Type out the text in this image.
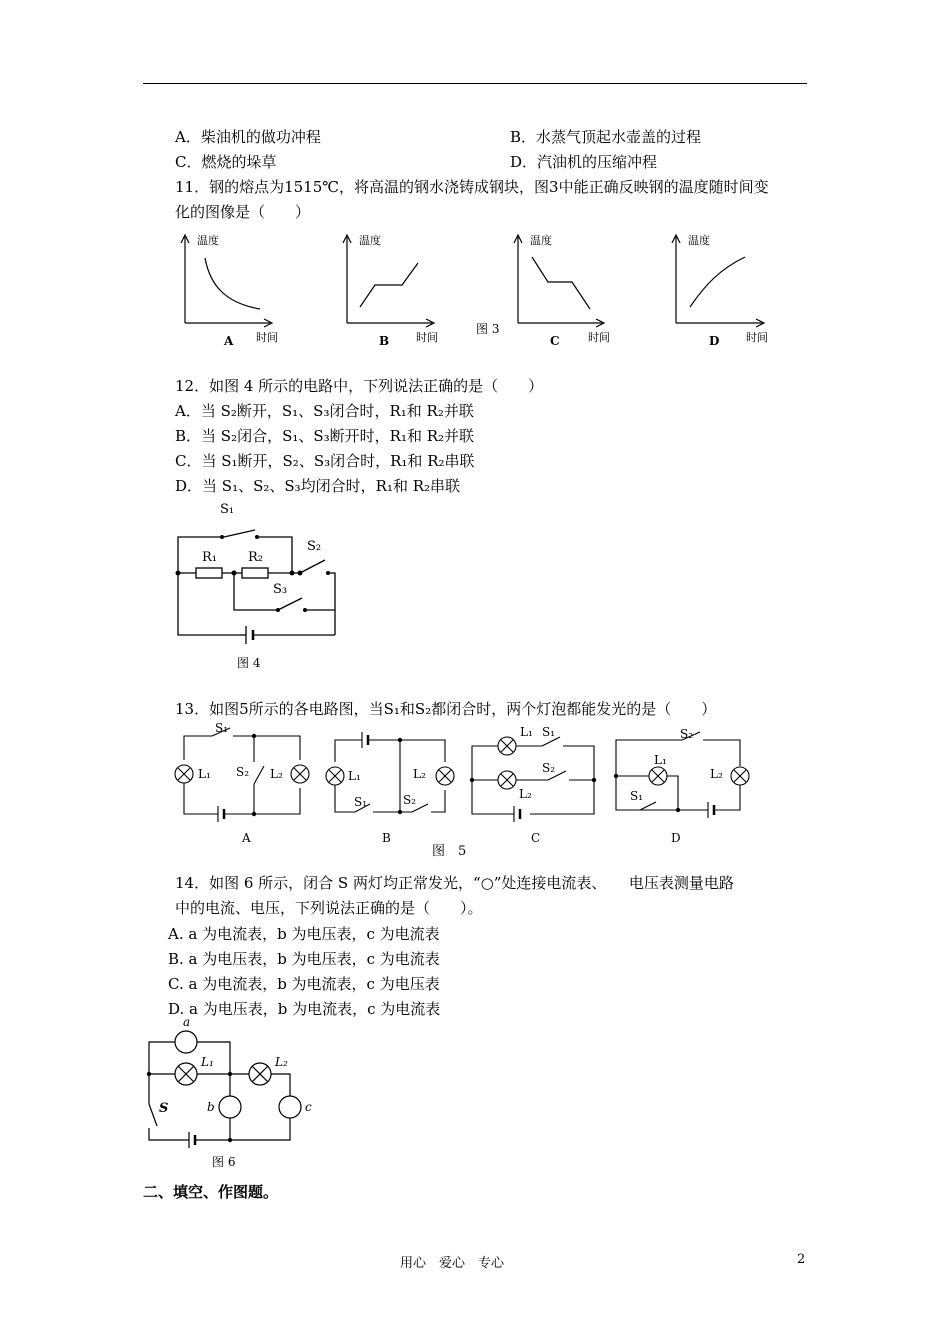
A．柴油机的做功冲程	B．水蒸气顶起水壶盖的过程
C．燃烧的垛草	D．汽油机的压缩冲程
11．钢的熔点为1515℃，将高温的钢水浇铸成钢块，图3中能正确反映钢的温度随时间变
化的图像是（　　）
温度	温度	温度	温度
时间	时间	时间	时间
图 3
A	B	C	D
12．如图 4 所示的电路中，下列说法正确的是（　　）
A．当 S₂断开，S₁、S₃闭合时，R₁和 R₂并联
B．当 S₂闭合，S₁、S₃断开时，R₁和 R₂并联
C．当 S₁断开，S₂、S₃闭合时，R₁和 R₂串联
D．当 S₁、S₂、S₃均闭合时，R₁和 R₂串联
S₁
R₁ R₂
S₂
S₃
图 4
13．如图5所示的各电路图，当S₁和S₂都闭合时，两个灯泡都能发光的是（　　）
S₁
L₁ S₂ L₂	L₁	L₂
S₁	S₂
L₁ S₁
S₂
L₂
S₂
L₁
L₂
S₁
A	B	C	D
图　5
14．如图 6 所示，闭合 S 两灯均正常发光，“○”处连接电流表、　　电压表测量电路
中的电流、电压，下列说法正确的是（　　）。
A. a 为电流表，b 为电压表，c 为电流表
B. a 为电压表，b 为电压表，c 为电流表
C. a 为电流表，b 为电流表，c 为电压表
D. a 为电压表，b 为电流表，c 为电流表
a
L₁	L₂
b	c
S
图 6
二、填空、作图题。
用心　爱心　专心	2
